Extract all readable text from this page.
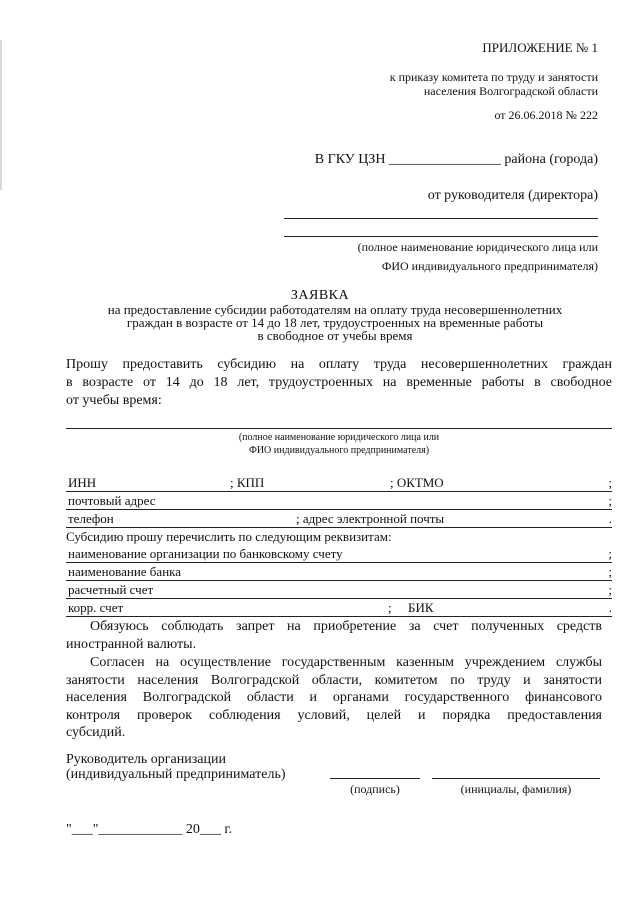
ПРИЛОЖЕНИЕ № 1
к приказу комитета по труду и занятости
населения Волгоградской области
от 26.06.2018 № 222
В ГКУ ЦЗН ________________ района (города)
от руководителя (директора)
(полное наименование юридического лица или
ФИО индивидуального предпринимателя)
ЗАЯВКА
на предоставление субсидии работодателям на оплату труда несовершеннолетних
граждан в возрасте от 14 до 18 лет, трудоустроенных на временные работы
в свободное от учебы время
Прошу предоставить субсидию на оплату труда несовершеннолетних граждан
в возрасте от 14 до 18 лет, трудоустроенных на временные работы в свободное
от учебы время:
(полное наименование юридического лица или
ФИО индивидуального предпринимателя)
ИНН	; КПП	; ОКТМО	;
почтовый адрес	;
телефон	; адрес электронной почты	.
Субсидию прошу перечислить по следующим реквизитам:
наименование организации по банковскому счету	;
наименование банка	;
расчетный счет	;
корр. счет	; БИК	.
Обязуюсь соблюдать запрет на приобретение за счет полученных средств
иностранной валюты.
Согласен на осуществление государственным казенным учреждением службы
занятости населения Волгоградской области, комитетом по труду и занятости
населения Волгоградской области и органами государственного финансового
контроля проверок соблюдения условий, целей и порядка предоставления
субсидий.
Руководитель организации
(индивидуальный предприниматель)
(подпись)	(инициалы, фамилия)
"___"____________ 20___ г.
